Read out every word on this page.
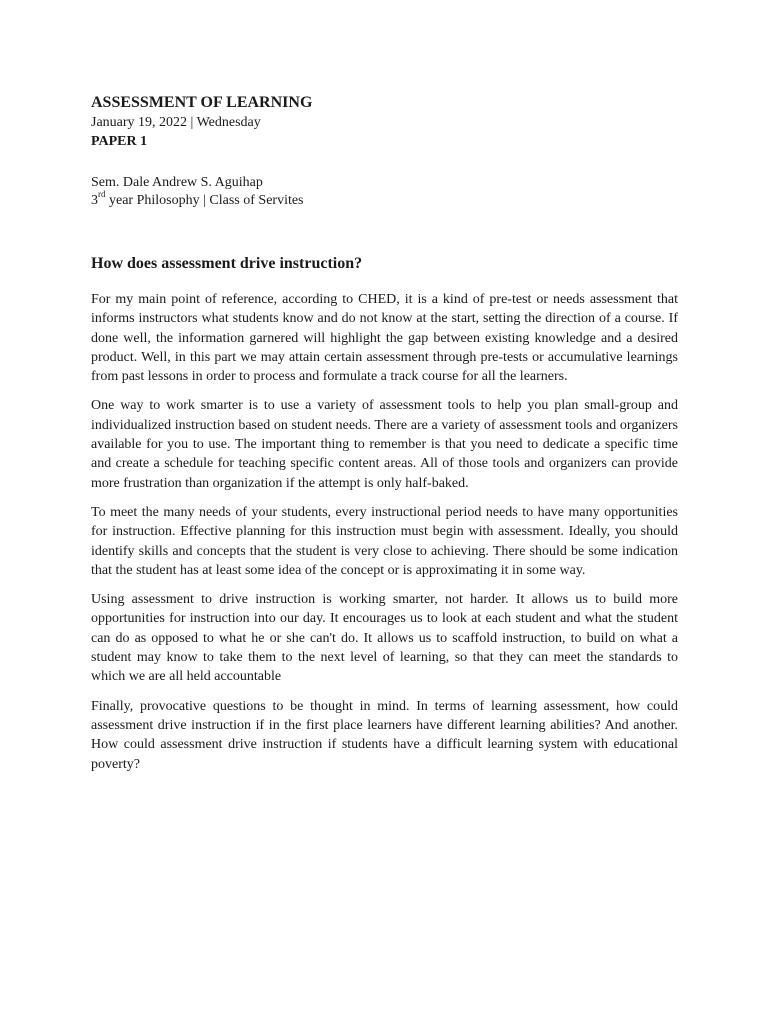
ASSESSMENT OF LEARNING

January 19, 2022 | Wednesday

PAPER 1

Sem. Dale Andrew S. Aguihap

3rd year Philosophy | Class of Servites

How does assessment drive instruction?

For my main point of reference, according to CHED, it is a kind of pre-test or needs assessment that informs instructors what students know and do not know at the start, setting the direction of a course. If done well, the information garnered will highlight the gap between existing knowledge and a desired product. Well, in this part we may attain certain assessment through pre-tests or accumulative learnings from past lessons in order to process and formulate a track course for all the learners.

One way to work smarter is to use a variety of assessment tools to help you plan small-group and individualized instruction based on student needs. There are a variety of assessment tools and organizers available for you to use. The important thing to remember is that you need to dedicate a specific time and create a schedule for teaching specific content areas. All of those tools and organizers can provide more frustration than organization if the attempt is only half-baked.

To meet the many needs of your students, every instructional period needs to have many opportunities for instruction. Effective planning for this instruction must begin with assessment. Ideally, you should identify skills and concepts that the student is very close to achieving. There should be some indication that the student has at least some idea of the concept or is approximating it in some way.

Using assessment to drive instruction is working smarter, not harder. It allows us to build more opportunities for instruction into our day. It encourages us to look at each student and what the student can do as opposed to what he or she can't do. It allows us to scaffold instruction, to build on what a student may know to take them to the next level of learning, so that they can meet the standards to which we are all held accountable

Finally, provocative questions to be thought in mind. In terms of learning assessment, how could assessment drive instruction if in the first place learners have different learning abilities? And another. How could assessment drive instruction if students have a difficult learning system with educational poverty?
